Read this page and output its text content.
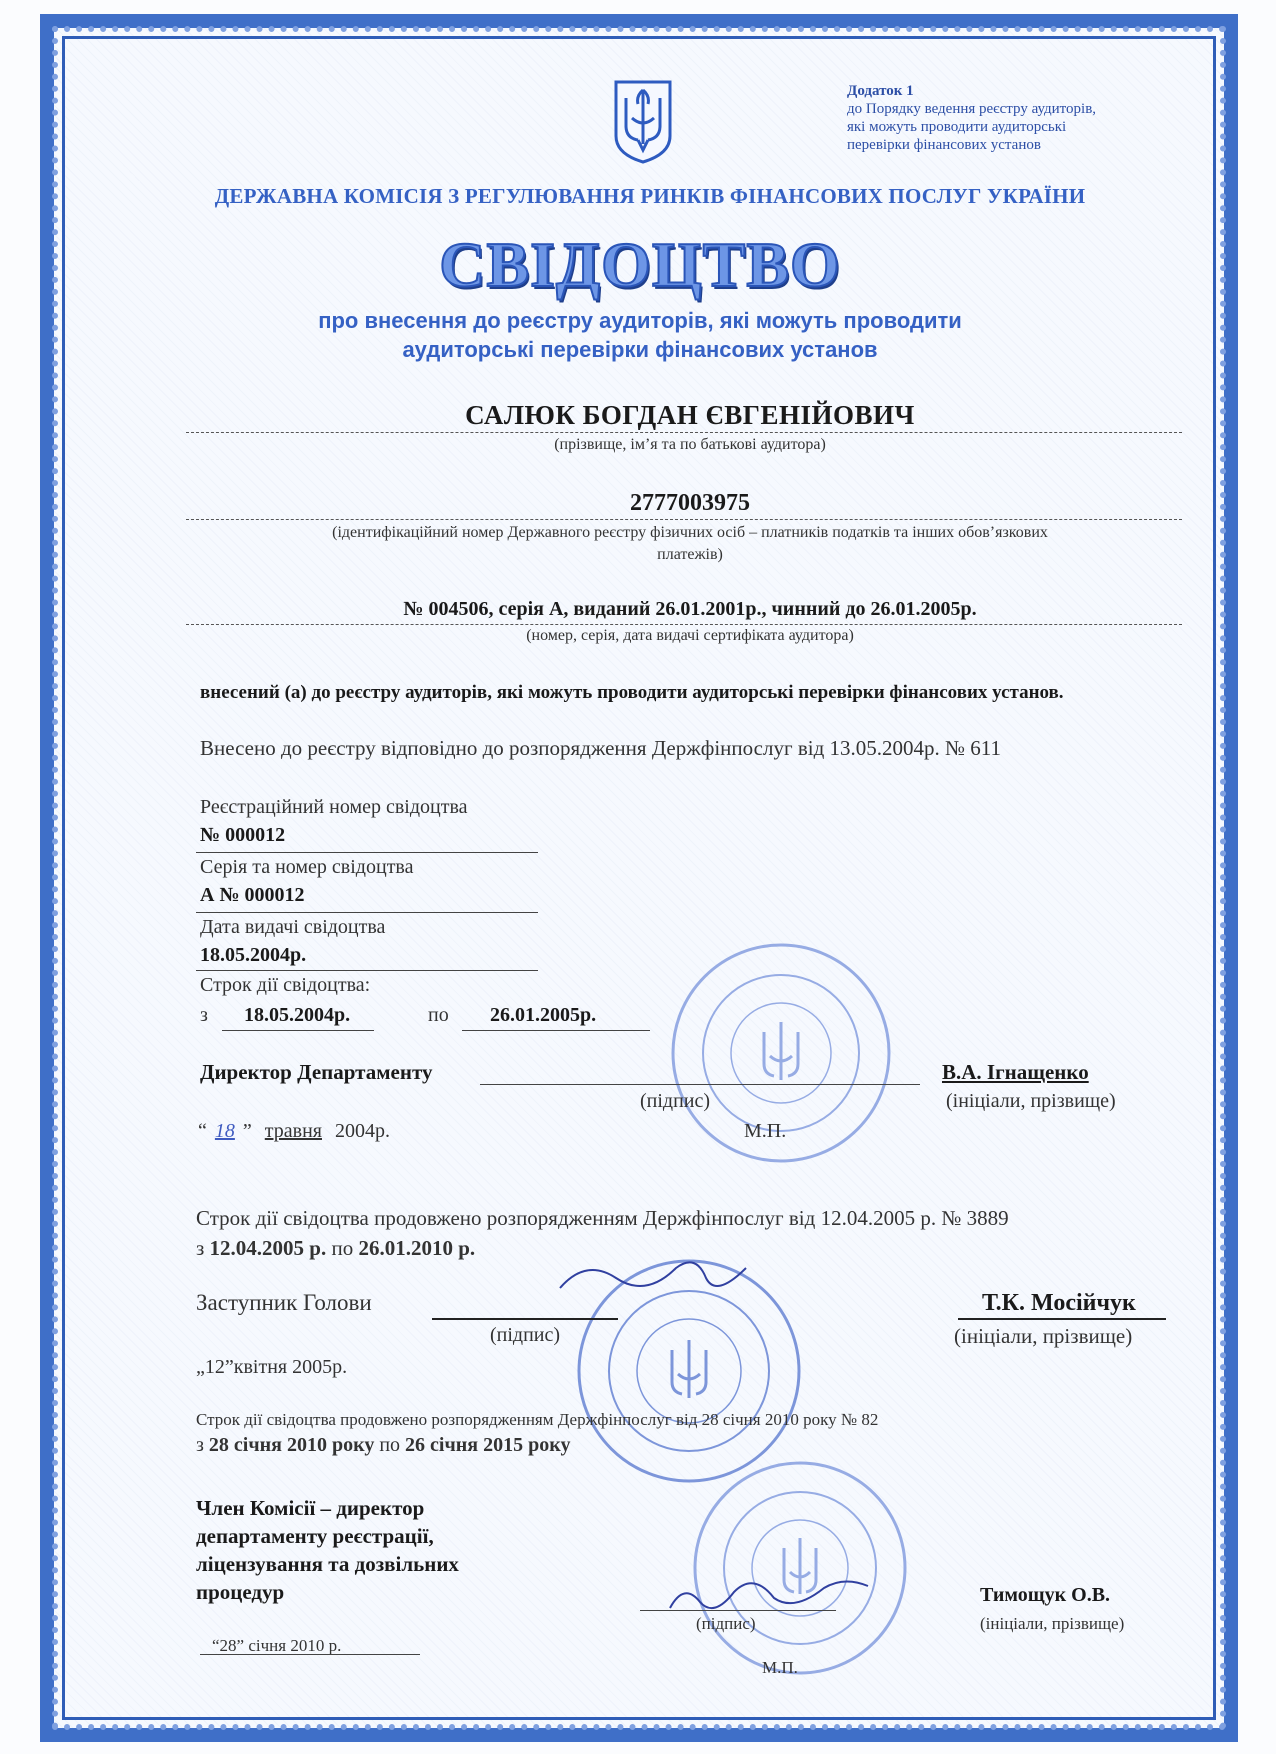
Додаток 1
до Порядку ведення реєстру аудиторів,
які можуть проводити аудиторські
перевірки фінансових установ
ДЕРЖАВНА КОМІСІЯ З РЕГУЛЮВАННЯ РИНКІВ ФІНАНСОВИХ ПОСЛУГ УКРАЇНИ
СВІДОЦТВО
про внесення до реєстру аудиторів, які можуть проводити
аудиторські перевірки фінансових установ
САЛЮК БОГДАН ЄВГЕНІЙОВИЧ
(прізвище, ім’я та по батькові аудитора)
2777003975
(ідентифікаційний номер Державного реєстру фізичних осіб – платників податків та інших обов’язкових
платежів)
№ 004506, серія А, виданий 26.01.2001р., чинний до 26.01.2005р.
(номер, серія, дата видачі сертифіката аудитора)
внесений (а) до реєстру аудиторів, які можуть проводити аудиторські перевірки фінансових установ.
Внесено до реєстру відповідно до розпорядження Держфінпослуг від 13.05.2004р. № 611
Реєстраційний номер свідоцтва
№ 000012
Серія та номер свідоцтва
А № 000012
Дата видачі свідоцтва
18.05.2004р.
Строк дії свідоцтва:
з 18.05.2004р.	по 26.01.2005р.
Директор Департаменту	В.А. Ігнащенко
(підпис)	(ініціали, прізвище)
“ 18 ” травня 2004р.	М.П.
Строк дії свідоцтва продовжено розпорядженням Держфінпослуг від 12.04.2005 р. № 3889
з 12.04.2005 р. по 26.01.2010 р.
Заступник Голови	Т.К. Мосійчук
(підпис)	(ініціали, прізвище)
„12”квітня 2005р.
Строк дії свідоцтва продовжено розпорядженням Держфінпослуг від 28 січня 2010 року № 82
з 28 січня 2010 року по 26 січня 2015 року
Член Комісії – директор
департаменту реєстрації,
ліцензування та дозвільних
процедур	Тимощук О.В.
(підпис)	(ініціали, прізвище)
“28” січня 2010 р.
М.П.
